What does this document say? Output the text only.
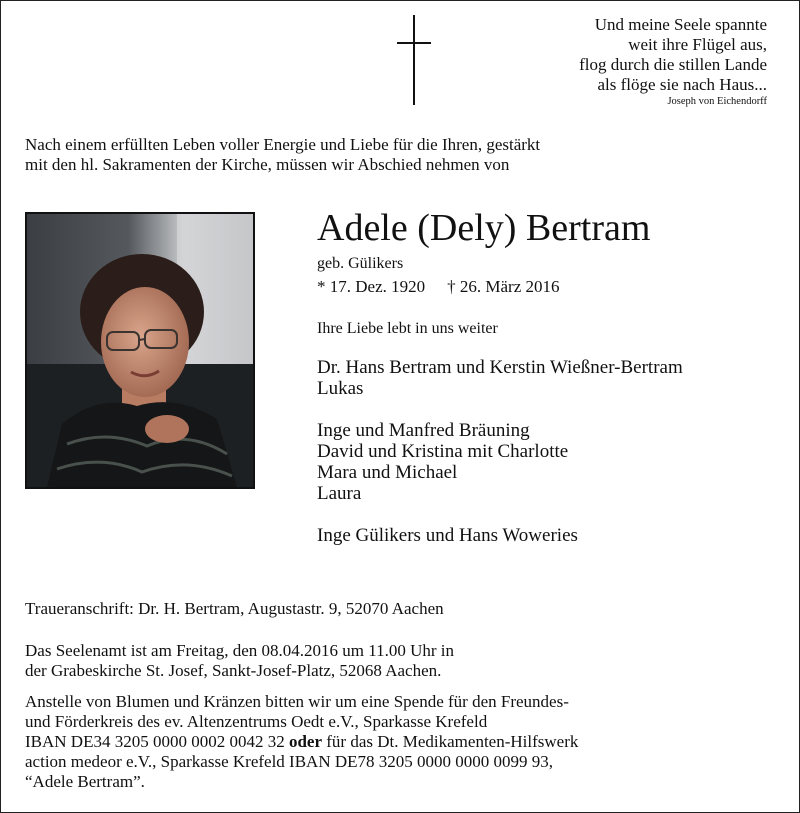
Und meine Seele spannte
weit ihre Flügel aus,
flog durch die stillen Lande
als flöge sie nach Haus...
Joseph von Eichendorff
Nach einem erfüllten Leben voller Energie und Liebe für die Ihren, gestärkt
mit den hl. Sakramenten der Kirche, müssen wir Abschied nehmen von
Adele (Dely) Bertram
geb. Gülikers
* 17. Dez. 1920 † 26. März 2016
Ihre Liebe lebt in uns weiter
Dr. Hans Bertram und Kerstin Wießner-Bertram
Lukas
Inge und Manfred Bräuning
David und Kristina mit Charlotte
Mara und Michael
Laura
Inge Gülikers und Hans Woweries
Traueranschrift: Dr. H. Bertram, Augustastr. 9, 52070 Aachen
Das Seelenamt ist am Freitag, den 08.04.2016 um 11.00 Uhr in
der Grabeskirche St. Josef, Sankt-Josef-Platz, 52068 Aachen.
Anstelle von Blumen und Kränzen bitten wir um eine Spende für den Freundes-
und Förderkreis des ev. Altenzentrums Oedt e.V., Sparkasse Krefeld
IBAN DE34 3205 0000 0002 0042 32 oder für das Dt. Medikamenten-Hilfswerk
action medeor e.V., Sparkasse Krefeld IBAN DE78 3205 0000 0000 0099 93,
“Adele Bertram”.
